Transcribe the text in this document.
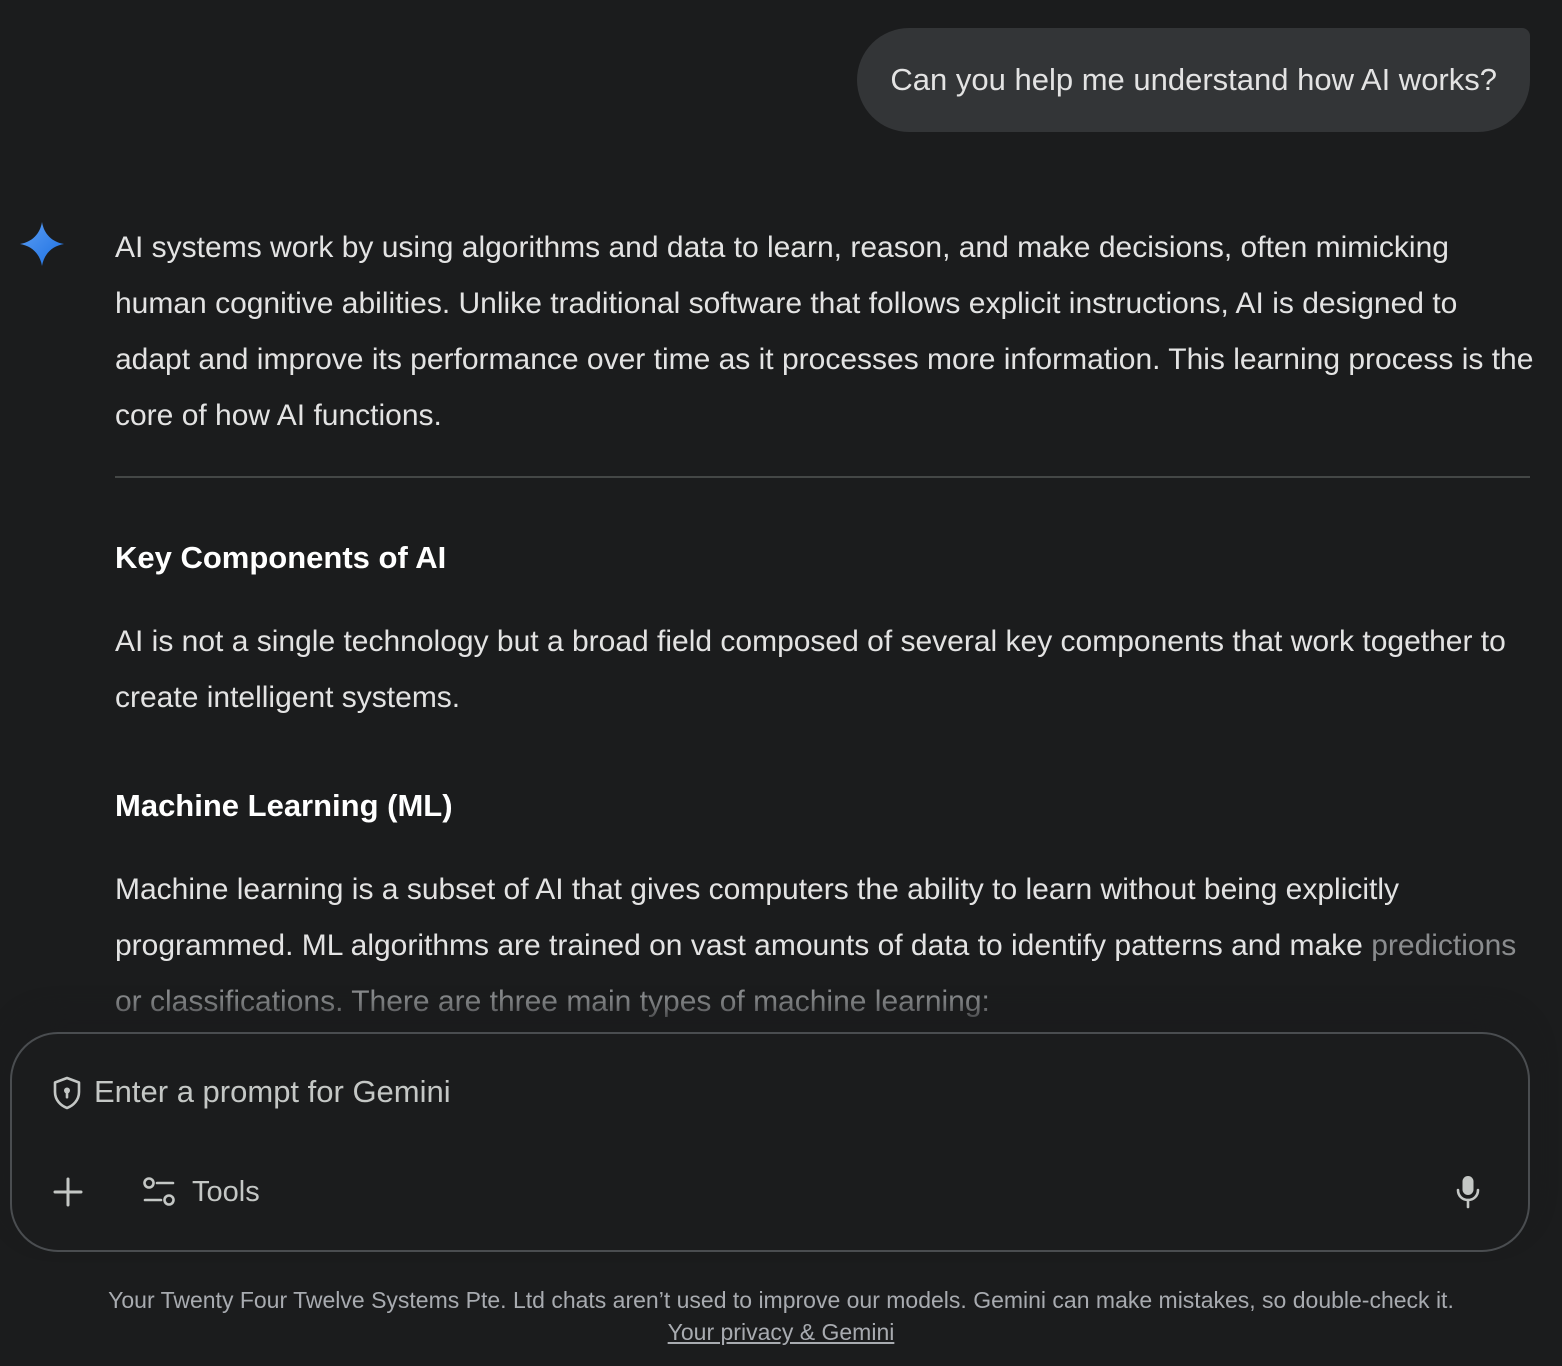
Can you help me understand how AI works?

AI systems work by using algorithms and data to learn, reason, and make decisions, often mimicking human cognitive abilities. Unlike traditional software that follows explicit instructions, AI is designed to adapt and improve its performance over time as it processes more information. This learning process is the core of how AI functions.

Key Components of AI

AI is not a single technology but a broad field composed of several key components that work together to create intelligent systems.

Machine Learning (ML)

Machine learning is a subset of AI that gives computers the ability to learn without being explicitly programmed. ML algorithms are trained on vast amounts of data to identify patterns and make predictions or classifications. There are three main types of machine learning:

Enter a prompt for Gemini
Tools
Your Twenty Four Twelve Systems Pte. Ltd chats aren’t used to improve our models. Gemini can make mistakes, so double-check it.
Your privacy & Gemini
